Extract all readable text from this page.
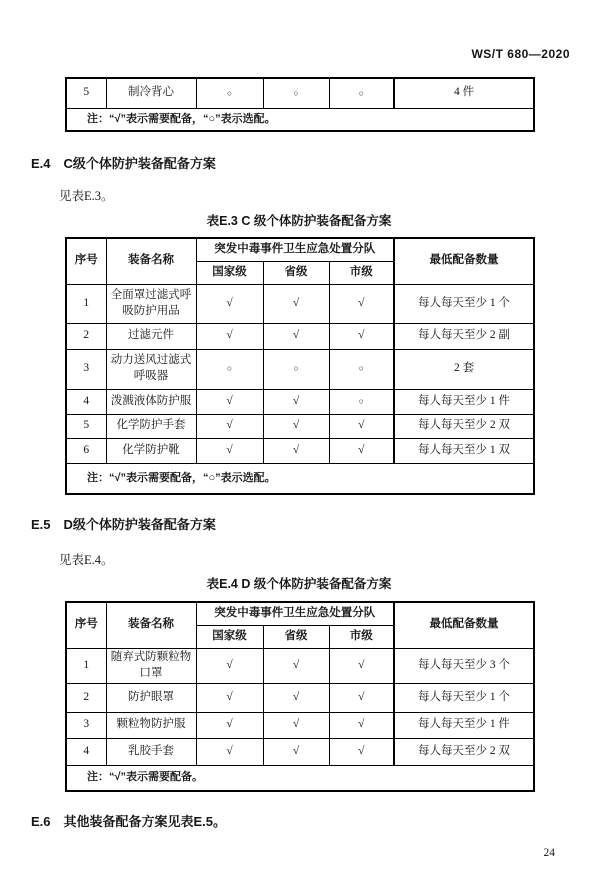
WS/T 680—2020
5	制冷背心	○	○	○	4 件
注：“√”表示需要配备，“○”表示选配。
E.4 C级个体防护装备配备方案
见表E.3。
表E.3 C 级个体防护装备配备方案
序号	装备名称	突发中毒事件卫生应急处置分队			最低配备数量
		国家级	省级	市级	
1	全面罩过滤式呼吸防护用品	√	√	√	每人每天至少 1 个
2	过滤元件	√	√	√	每人每天至少 2 副
3	动力送风过滤式呼吸器	○	○	○	2 套
4	泼溅液体防护服	√	√	○	每人每天至少 1 件
5	化学防护手套	√	√	√	每人每天至少 2 双
6	化学防护靴	√	√	√	每人每天至少 1 双
注：“√”表示需要配备，“○”表示选配。					
E.5 D级个体防护装备配备方案
见表E.4。
表E.4 D 级个体防护装备配备方案
序号	装备名称	突发中毒事件卫生应急处置分队			最低配备数量
		国家级	省级	市级	
1	随弃式防颗粒物口罩	√	√	√	每人每天至少 3 个
2	防护眼罩	√	√	√	每人每天至少 1 个
3	颗粒物防护服	√	√	√	每人每天至少 1 件
4	乳胶手套	√	√	√	每人每天至少 2 双
注：“√”表示需要配备。					
E.6 其他装备配备方案见表E.5。
24
